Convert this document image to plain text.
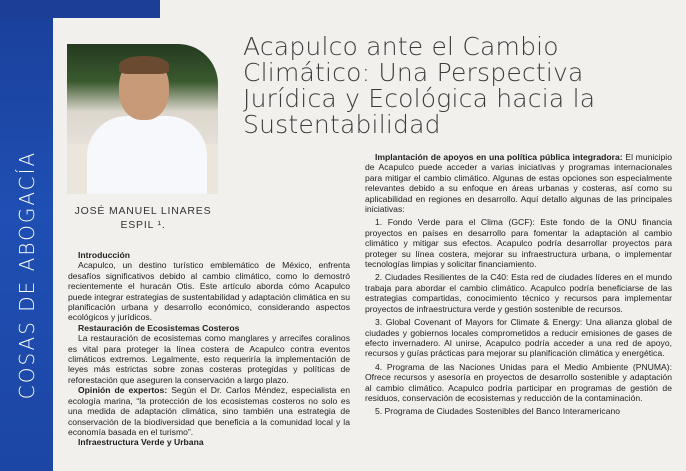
COSAS DE ABOGACÍA	JOSÉ MANUEL LINARES
ESPIL ¹.
Acapulco ante el Cambio Climático: Una Perspectiva Jurídica y Ecológica hacia la Sustentabilidad

Introducción

Acapulco, un destino turístico emblemático de México, enfrenta desafíos significativos debido al cambio climático, como lo demostró recientemente el huracán Otis. Este artículo aborda cómo Acapulco puede integrar estrategias de sustentabilidad y adaptación climática en su planificación urbana y desarrollo económico, considerando aspectos ecológicos y jurídicos.

Restauración de Ecosistemas Costeros

La restauración de ecosistemas como manglares y arrecifes coralinos es vital para proteger la línea costera de Acapulco contra eventos climáticos extremos. Legalmente, esto requeriría la implementación de leyes más estrictas sobre zonas costeras protegidas y políticas de reforestación que aseguren la conservación a largo plazo.

Opinión de expertos: Según el Dr. Carlos Méndez, especialista en ecología marina, “la protección de los ecosistemas costeros no solo es una medida de adaptación climática, sino también una estrategia de conservación de la biodiversidad que beneficia a la comunidad local y la economía basada en el turismo”.

Infraestructura Verde y Urbana

Implantación de apoyos en una política pública integradora: El municipio de Acapulco puede acceder a varias iniciativas y programas internacionales para mitigar el cambio climático. Algunas de estas opciones son especialmente relevantes debido a su enfoque en áreas urbanas y costeras, así como su aplicabilidad en regiones en desarrollo. Aquí detallo algunas de las principales iniciativas:

1. Fondo Verde para el Clima (GCF): Este fondo de la ONU financia proyectos en países en desarrollo para fomentar la adaptación al cambio climático y mitigar sus efectos. Acapulco podría desarrollar proyectos para proteger su línea costera, mejorar su infraestructura urbana, o implementar tecnologías limpias y solicitar financiamiento.

2. Ciudades Resilientes de la C40: Esta red de ciudades líderes en el mundo trabaja para abordar el cambio climático. Acapulco podría beneficiarse de las estrategias compartidas, conocimiento técnico y recursos para implementar proyectos de infraestructura verde y gestión sostenible de recursos.

3. Global Covenant of Mayors for Climate & Energy: Una alianza global de ciudades y gobiernos locales comprometidos a reducir emisiones de gases de efecto invernadero. Al unirse, Acapulco podría acceder a una red de apoyo, recursos y guías prácticas para mejorar su planificación climática y energética.

4. Programa de las Naciones Unidas para el Medio Ambiente (PNUMA): Ofrece recursos y asesoría en proyectos de desarrollo sostenible y adaptación al cambio climático. Acapulco podría participar en programas de gestión de residuos, conservación de ecosistemas y reducción de la contaminación.

5. Programa de Ciudades Sostenibles del Banco Interamericano
